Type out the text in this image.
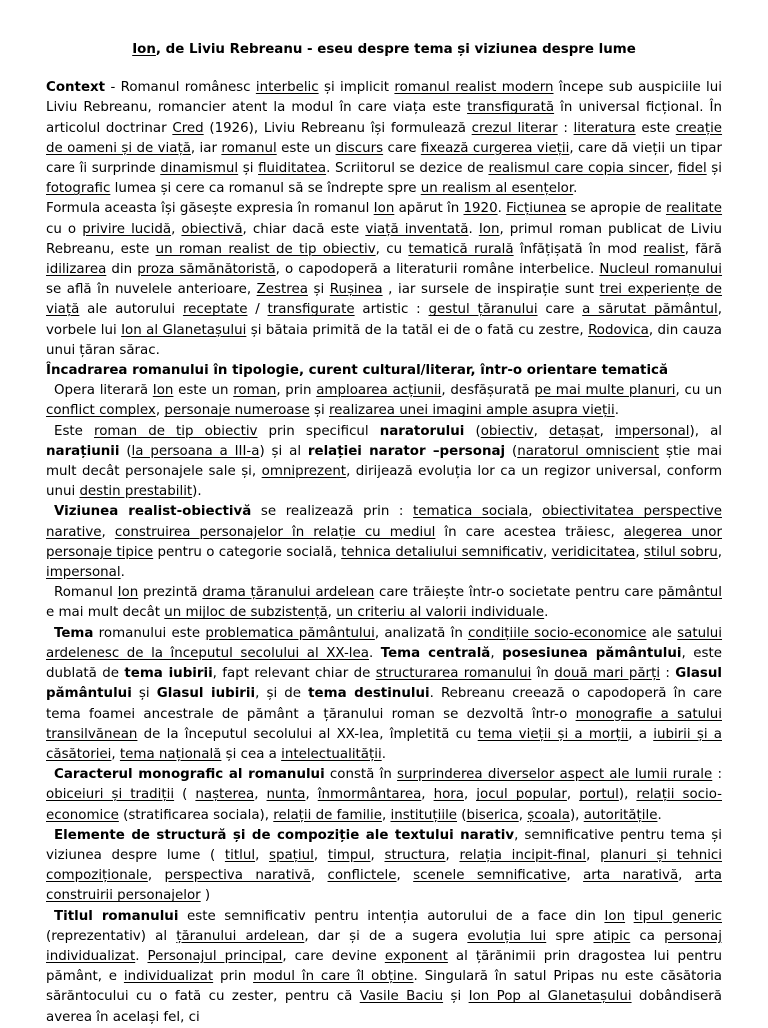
Ion, de Liviu Rebreanu - eseu despre tema și viziunea despre lume

Context - Romanul românesc interbelic și implicit romanul realist modern începe sub auspiciile lui Liviu Rebreanu, romancier atent la modul în care viața este transfigurată în universal ficțional. În articolul doctrinar Cred (1926), Liviu Rebreanu își formulează crezul literar : literatura este creație de oameni și de viață, iar romanul este un discurs care fixează curgerea vieții, care dă vieții un tipar care îi surprinde dinamismul și fluiditatea. Scriitorul se dezice de realismul care copia sincer, fidel și fotografic lumea și cere ca romanul să se îndrepte spre un realism al esențelor.

Formula aceasta își găsește expresia în romanul Ion apărut în 1920. Ficțiunea se apropie de realitate cu o privire lucidă, obiectivă, chiar dacă este viață inventată. Ion, primul roman publicat de Liviu Rebreanu, este un roman realist de tip obiectiv, cu tematică rurală înfățișată în mod realist, fără idilizarea din proza sămănătoristă, o capodoperă a literaturii române interbelice. Nucleul romanului se află în nuvelele anterioare, Zestrea și Rușinea , iar sursele de inspirație sunt trei experiențe de viață ale autorului receptate / transfigurate artistic : gestul țăranului care a sărutat pământul, vorbele lui Ion al Glanetașului și bătaia primită de la tatăl ei de o fată cu zestre, Rodovica, din cauza unui țăran sărac.

Încadrarea romanului în tipologie, curent cultural/literar, într-o orientare tematică

Opera literară Ion este un roman, prin amploarea acțiunii, desfășurată pe mai multe planuri, cu un conflict complex, personaje numeroase și realizarea unei imagini ample asupra vieții.

Este roman de tip obiectiv prin specificul naratorului (obiectiv, detașat, impersonal), al narațiunii (la persoana a III-a) și al relației narator –personaj (naratorul omniscient știe mai mult decât personajele sale și, omniprezent, dirijează evoluția lor ca un regizor universal, conform unui destin prestabilit).

Viziunea realist-obiectivă se realizează prin : tematica sociala, obiectivitatea perspective narative, construirea personajelor în relație cu mediul în care acestea trăiesc, alegerea unor personaje tipice pentru o categorie socială, tehnica detaliului semnificativ, veridicitatea, stilul sobru, impersonal.

Romanul Ion prezintă drama țăranului ardelean care trăiește într-o societate pentru care pământul e mai mult decât un mijloc de subzistență, un criteriu al valorii individuale.

Tema romanului este problematica pământului, analizată în condițiile socio-economice ale satului ardelenesc de la începutul secolului al XX-lea. Tema centrală, posesiunea pământului, este dublată de tema iubirii, fapt relevant chiar de structurarea romanului în două mari părți : Glasul pământului și Glasul iubirii, și de tema destinului. Rebreanu creează o capodoperă în care tema foamei ancestrale de pământ a țăranului roman se dezvoltă într-o monografie a satului transilvănean de la începutul secolului al XX-lea, împletită cu tema vieții și a morții, a iubirii și a căsătoriei, tema națională și cea a intelectualității.

Caracterul monografic al romanului constă în surprinderea diverselor aspect ale lumii rurale : obiceiuri și tradiții ( nașterea, nunta, înmormântarea, hora, jocul popular, portul), relații socio-economice (stratificarea sociala), relații de familie, instituțiile (biserica, școala), autoritățile.

Elemente de structură și de compoziție ale textului narativ, semnificative pentru tema și viziunea despre lume ( titlul, spațiul, timpul, structura, relația incipit-final, planuri și tehnici compoziționale, perspectiva narativă, conflictele, scenele semnificative, arta narativă, arta construirii personajelor )

Titlul romanului este semnificativ pentru intenția autorului de a face din Ion tipul generic (reprezentativ) al țăranului ardelean, dar și de a sugera evoluția lui spre atipic ca personaj individualizat. Personajul principal, care devine exponent al țărănimii prin dragostea lui pentru pământ, e individualizat prin modul în care îl obține. Singulară în satul Pripas nu este căsătoria sărăntocului cu o fată cu zester, pentru că Vasile Baciu și Ion Pop al Glanetașului dobândiseră averea în același fel, ci
